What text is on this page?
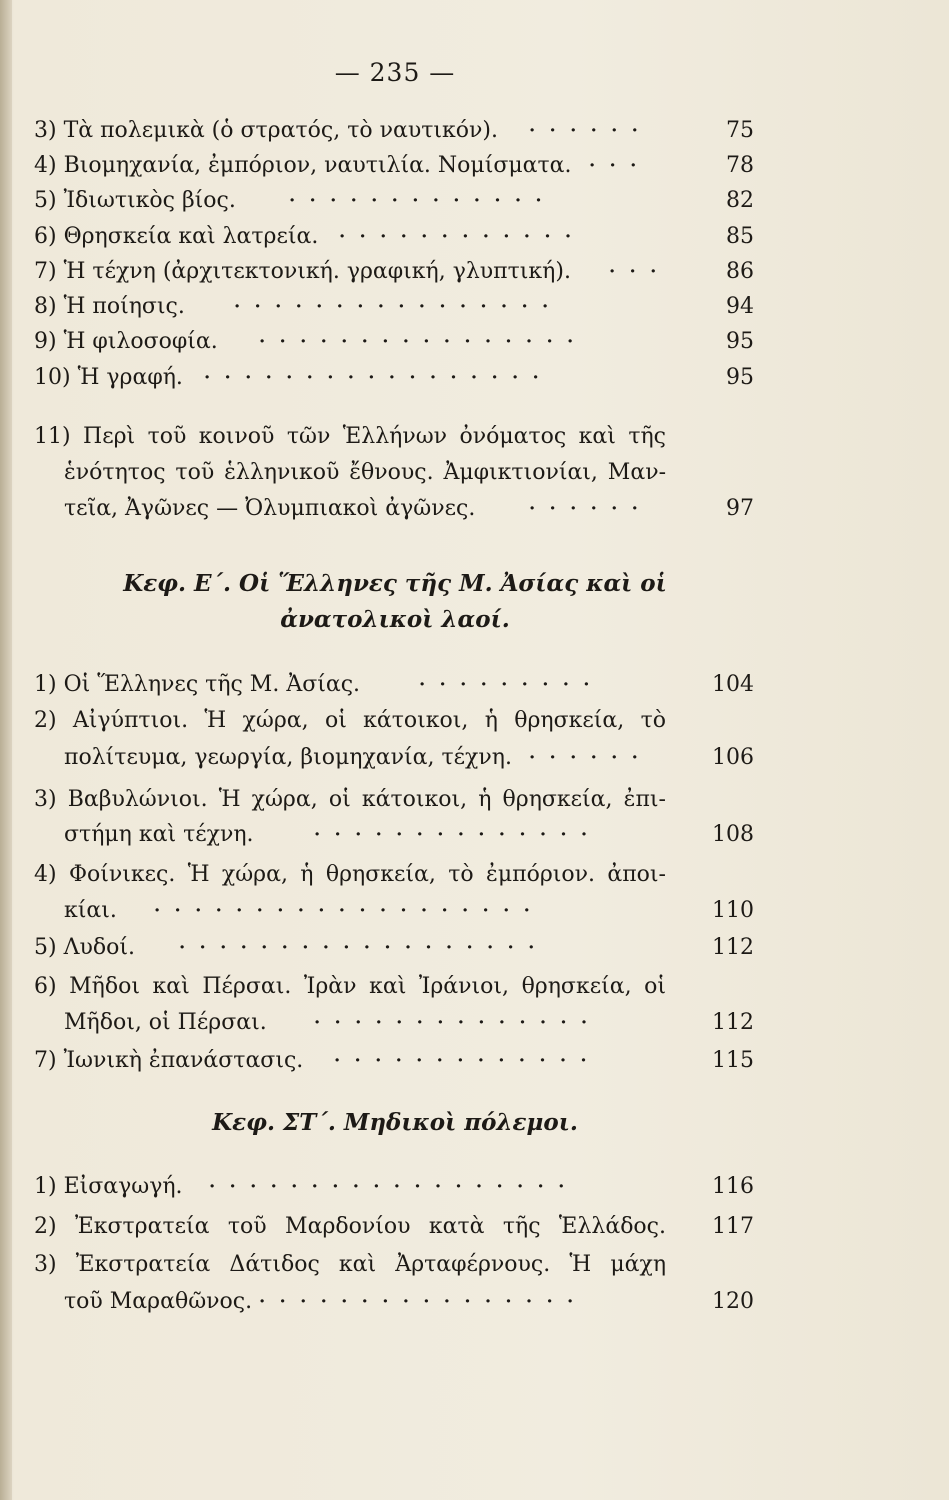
— 235 —
3) Τὰ πολεμικὰ (ὁ στρατός, τὸ ναυτικόν). · · · · · ·	75
4) Βιομηχανία, ἐμπόριον, ναυτιλία. Νομίσματα. · · ·	78
5) Ἰδιωτικὸς βίος.	· · · · · · · · · · · · ·	82
6) Θρησκεία καὶ λατρεία. · · · · · · · · · · · ·	85
7) Ἡ τέχνη (ἀρχιτεκτονική. γραφική, γλυπτική). · · ·	86
8) Ἡ ποίησις.	· · · · · · · · · · · · · · · ·	94
9) Ἡ φιλοσοφία. · · · · · · · · · · · · · · · ·	95
10) Ἡ γραφή. · · · · · · · · · · · · · · · · ·	95
11) Περὶ τοῦ κοινοῦ τῶν Ἑλλήνων ὀνόματος καὶ τῆς
ἑνότητος τοῦ ἑλληνικοῦ ἔθνους. Ἀμφικτιονίαι, Μαν-
τεῖα, Ἀγῶνες — Ὀλυμπιακοὶ ἀγῶνες.	· · · · · ·	97
Κεφ. Ε΄. Οἱ Ἕλληνες τῆς Μ. Ἀσίας καὶ οἱ
ἀνατολικοὶ λαοί.
1) Οἱ Ἕλληνες τῆς Μ. Ἀσίας.	· · · · · · · · ·	104
2) Αἰγύπτιοι. Ἡ χώρα, οἱ κάτοικοι, ἡ θρησκεία, τὸ
πολίτευμα, γεωργία, βιομηχανία, τέχνη. · · · · · ·	106
3) Βαβυλώνιοι. Ἡ χώρα, οἱ κάτοικοι, ἡ θρησκεία, ἐπι-
στήμη καὶ τέχνη.	· · · · · · · · · · · · · ·	108
4) Φοίνικες. Ἡ χώρα, ἡ θρησκεία, τὸ ἐμπόριον. ἀποι-
κίαι. · · · · · · · · · · · · · · · · · · ·	110
5) Λυδοί. · · · · · · · · · · · · · · · · · ·	112
6) Μῆδοι καὶ Πέρσαι. Ἰρὰν καὶ Ἰράνιοι, θρησκεία, οἱ
Μῆδοι, οἱ Πέρσαι.	· · · · · · · · · · · · · ·	112
7) Ἰωνικὴ ἐπανάστασις. · · · · · · · · · · · · ·	115
Κεφ. ΣΤ΄. Μηδικοὶ πόλεμοι.
1) Εἰσαγωγή. · · · · · · · · · · · · · · · · · ·	116
2) Ἐκστρατεία τοῦ Μαρδονίου κατὰ τῆς Ἑλλάδος.	117
3) Ἐκστρατεία Δάτιδος καὶ Ἀρταφέρνους. Ἡ μάχη
τοῦ Μαραθῶνος. · · · · · · · · · · · · · · · ·	120
